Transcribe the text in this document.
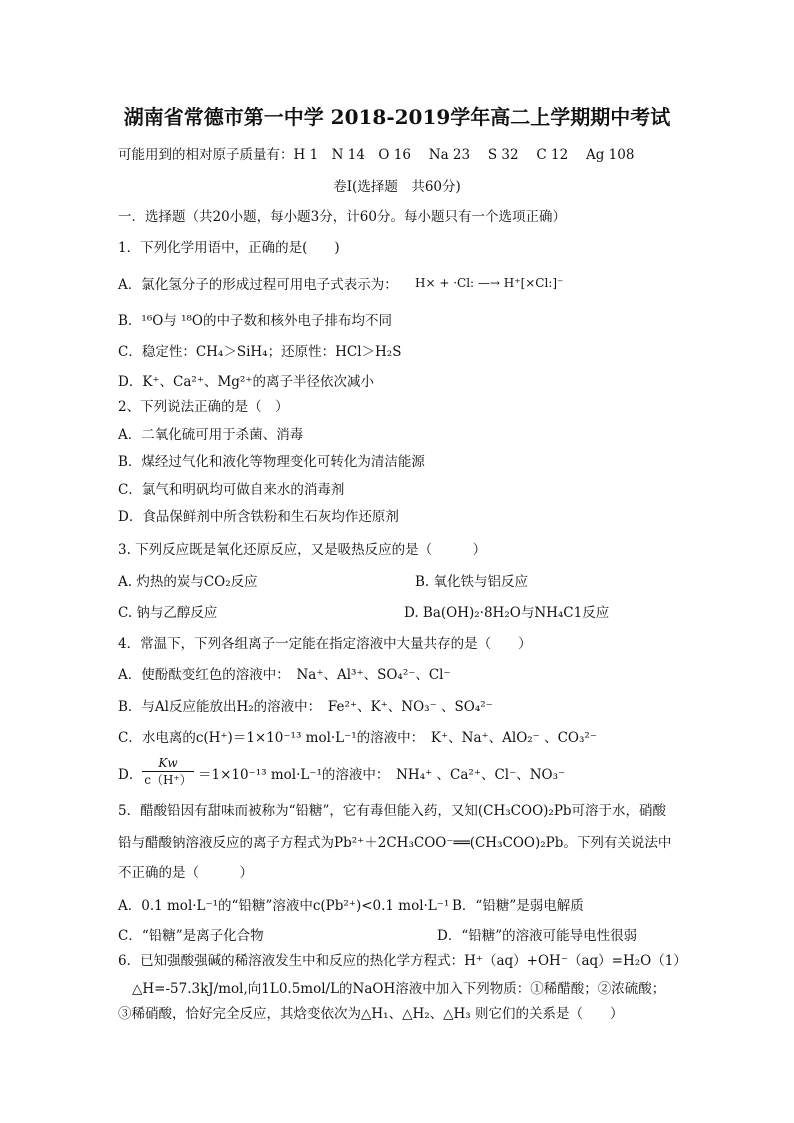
湖南省常德市第一中学 2018-2019学年高二上学期期中考试
可能用到的相对原子质量有：H 1　N 14　O 16　 Na 23　 S 32　 C 12　 Ag 108
卷Ⅰ(选择题　共60分)
一．选择题（共20小题，每小题3分，计60分。每小题只有一个选项正确）
1．下列化学用语中，正确的是(　　)
A．氯化氢分子的形成过程可用电子式表示为： H× + ·Cl: —→ H⁺[×Cl:]⁻
B．¹⁶O与 ¹⁸O的中子数和核外电子排布均不同
C．稳定性：CH₄＞SiH₄；还原性：HCl＞H₂S
D．K⁺、Ca²⁺、Mg²⁺的离子半径依次减小
2、下列说法正确的是（　）
A．二氧化硫可用于杀菌、消毒
B．煤经过气化和液化等物理变化可转化为清洁能源
C．氯气和明矾均可做自来水的消毒剂
D．食品保鲜剂中所含铁粉和生石灰均作还原剂
3. 下列反应既是氧化还原反应，又是吸热反应的是（　　　）
A. 灼热的炭与CO₂反应	B. 氧化铁与铝反应
C. 钠与乙醇反应	D. Ba(OH)₂·8H₂O与NH₄C1反应
4．常温下，下列各组离子一定能在指定溶液中大量共存的是（　　）
A．使酚酞变红色的溶液中：　Na⁺、Al³⁺、SO₄²⁻、Cl⁻
B．与Al反应能放出H₂的溶液中：　Fe²⁺、K⁺、NO₃⁻ 、SO₄²⁻
C．水电离的c(H⁺)＝1×10⁻¹³ mol·L⁻¹的溶液中：　K⁺、Na⁺、AlO₂⁻ 、CO₃²⁻
D． $\frac{Kw}{c(H^+)} =1\times 10^{-13}$ mol·L⁻¹的溶液中：　NH₄⁺ 、Ca²⁺、Cl⁻、NO₃⁻
5．醋酸铅因有甜味而被称为“铅糖”，它有毒但能入药，又知(CH₃COO)₂Pb可溶于水，硝酸
铅与醋酸钠溶液反应的离子方程式为Pb²⁺＋2CH₃COO⁻══(CH₃COO)₂Pb。下列有关说法中
不正确的是（　　　）
A．0.1 mol·L⁻¹的“铅糖”溶液中c(Pb²⁺)<0.1 mol·L⁻¹ B．“铅糖”是弱电解质
C．“铅糖”是离子化合物	D．“铅糖”的溶液可能导电性很弱
6．已知强酸强碱的稀溶液发生中和反应的热化学方程式：H⁺（aq）+OH⁻（aq）=H₂O（1）
△H=-57.3kJ/mol,向1L0.5mol/L的NaOH溶液中加入下列物质：①稀醋酸；②浓硫酸；
③稀硝酸，恰好完全反应，其焓变依次为△H₁、△H₂、△H₃ 则它们的关系是（　　）
